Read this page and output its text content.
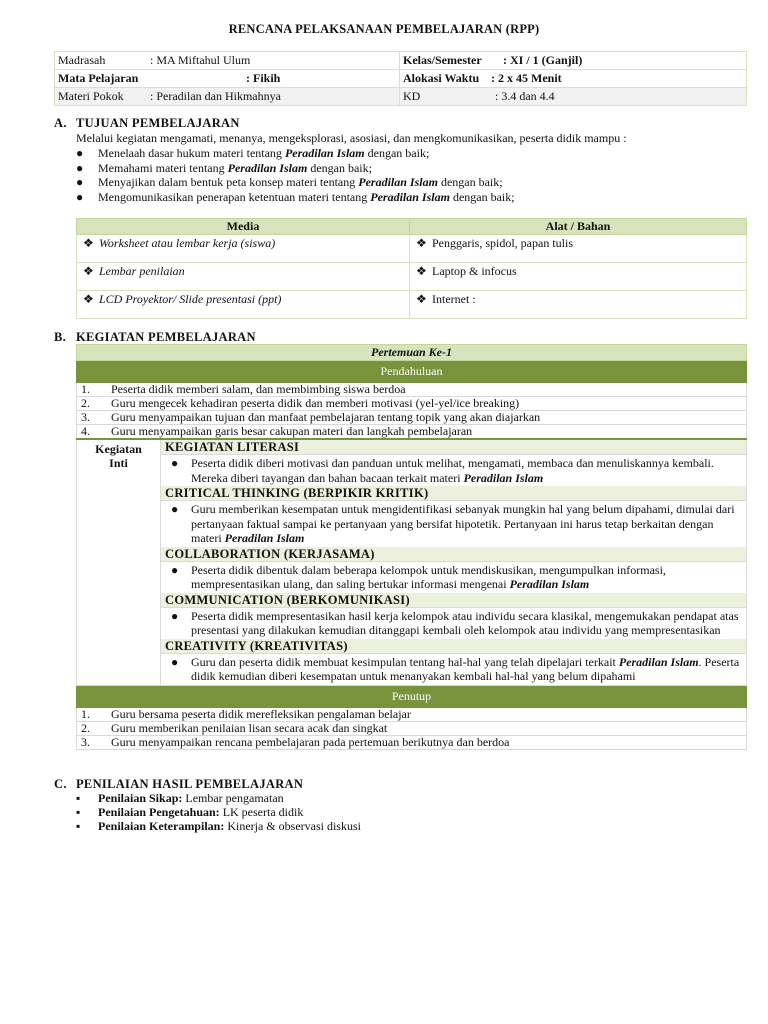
RENCANA PELAKSANAAN PEMBELAJARAN (RPP)
Madrasah : MA Miftahul Ulum	Kelas/Semester : XI / 1 (Ganjil)
Mata Pelajaran : Fikih	Alokasi Waktu : 2 x 45 Menit
Materi Pokok : Peradilan dan Hikmahnya	KD : 3.4 dan 4.4
A. TUJUAN PEMBELAJARAN
Melalui kegiatan mengamati, menanya, mengeksplorasi, asosiasi, dan mengkomunikasikan, peserta didik mampu :
●	Menelaah dasar hukum materi tentang Peradilan Islam dengan baik;
●	Memahami materi tentang Peradilan Islam dengan baik;
●	Menyajikan dalam bentuk peta konsep materi tentang Peradilan Islam dengan baik;
●	Mengomunikasikan penerapan ketentuan materi tentang Peradilan Islam dengan baik;
Media	Alat / Bahan
❖ Worksheet atau lembar kerja (siswa)	❖ Penggaris, spidol, papan tulis
❖ Lembar penilaian	❖ Laptop & infocus
❖ LCD Proyektor/ Slide presentasi (ppt)	❖ Internet :
B. KEGIATAN PEMBELAJARAN
Pertemuan Ke-1
Pendahuluan
1. Peserta didik memberi salam, dan membimbing siswa berdoa
2. Guru mengecek kehadiran peserta didik dan memberi motivasi (yel-yel/ice breaking)
3. Guru menyampaikan tujuan dan manfaat pembelajaran tentang topik yang akan diajarkan
4. Guru menyampaikan garis besar cakupan materi dan langkah pembelajaran

Kegiatan
Inti

KEGIATAN LITERASI
● Peserta didik diberi motivasi dan panduan untuk melihat, mengamati, membaca dan menuliskannya kembali. Mereka diberi tayangan dan bahan bacaan terkait materi Peradilan Islam
CRITICAL THINKING (BERPIKIR KRITIK)
● Guru memberikan kesempatan untuk mengidentifikasi sebanyak mungkin hal yang belum dipahami, dimulai dari pertanyaan faktual sampai ke pertanyaan yang bersifat hipotetik. Pertanyaan ini harus tetap berkaitan dengan materi Peradilan Islam
COLLABORATION (KERJASAMA)
● Peserta didik dibentuk dalam beberapa kelompok untuk mendiskusikan, mengumpulkan informasi, mempresentasikan ulang, dan saling bertukar informasi mengenai Peradilan Islam
COMMUNICATION (BERKOMUNIKASI)
● Peserta didik mempresentasikan hasil kerja kelompok atau individu secara klasikal, mengemukakan pendapat atas presentasi yang dilakukan kemudian ditanggapi kembali oleh kelompok atau individu yang mempresentasikan
CREATIVITY (KREATIVITAS)
● Guru dan peserta didik membuat kesimpulan tentang hal-hal yang telah dipelajari terkait Peradilan Islam. Peserta didik kemudian diberi kesempatan untuk menanyakan kembali hal-hal yang belum dipahami

Penutup
1. Guru bersama peserta didik merefleksikan pengalaman belajar
2. Guru memberikan penilaian lisan secara acak dan singkat
3. Guru menyampaikan rencana pembelajaran pada pertemuan berikutnya dan berdoa
C. PENILAIAN HASIL PEMBELAJARAN
▪ Penilaian Sikap: Lembar pengamatan
▪ Penilaian Pengetahuan: LK peserta didik
▪ Penilaian Keterampilan: Kinerja & observasi diskusi
